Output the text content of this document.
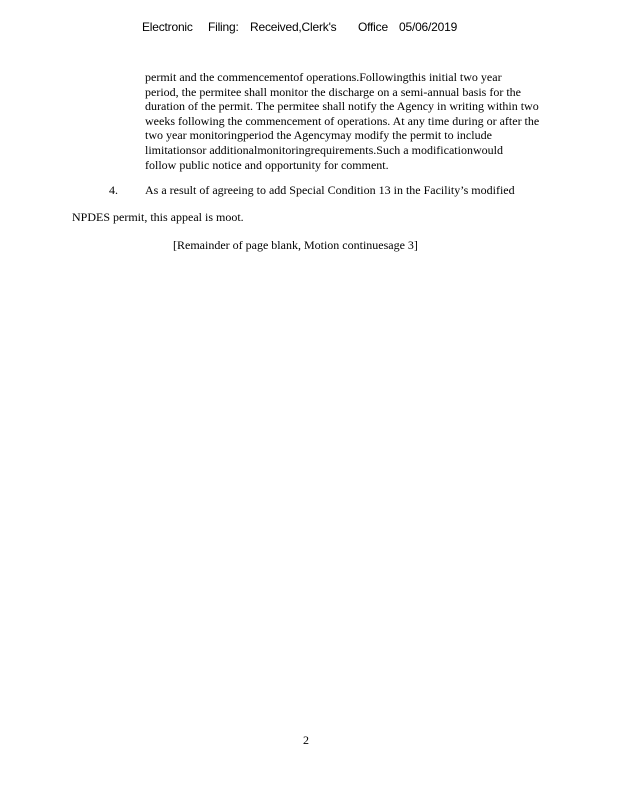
Electronic Filing: Received,Clerk's Office 05/06/2019
permit and the commencementof operations.Followingthis initial two year
period, the permitee shall monitor the discharge on a semi-annual basis for the
duration of the permit. The permitee shall notify the Agency in writing within two
weeks following the commencement of operations. At any time during or after the
two year monitoringperiod the Agencymay modify the permit to include
limitationsor additionalmonitoringrequirements.Such a modificationwould
follow public notice and opportunity for comment.
4. As a result of agreeing to add Special Condition 13 in the Facility’s modified
NPDES permit, this appeal is moot.
[Remainder of page blank, Motion continuesage 3]
2
